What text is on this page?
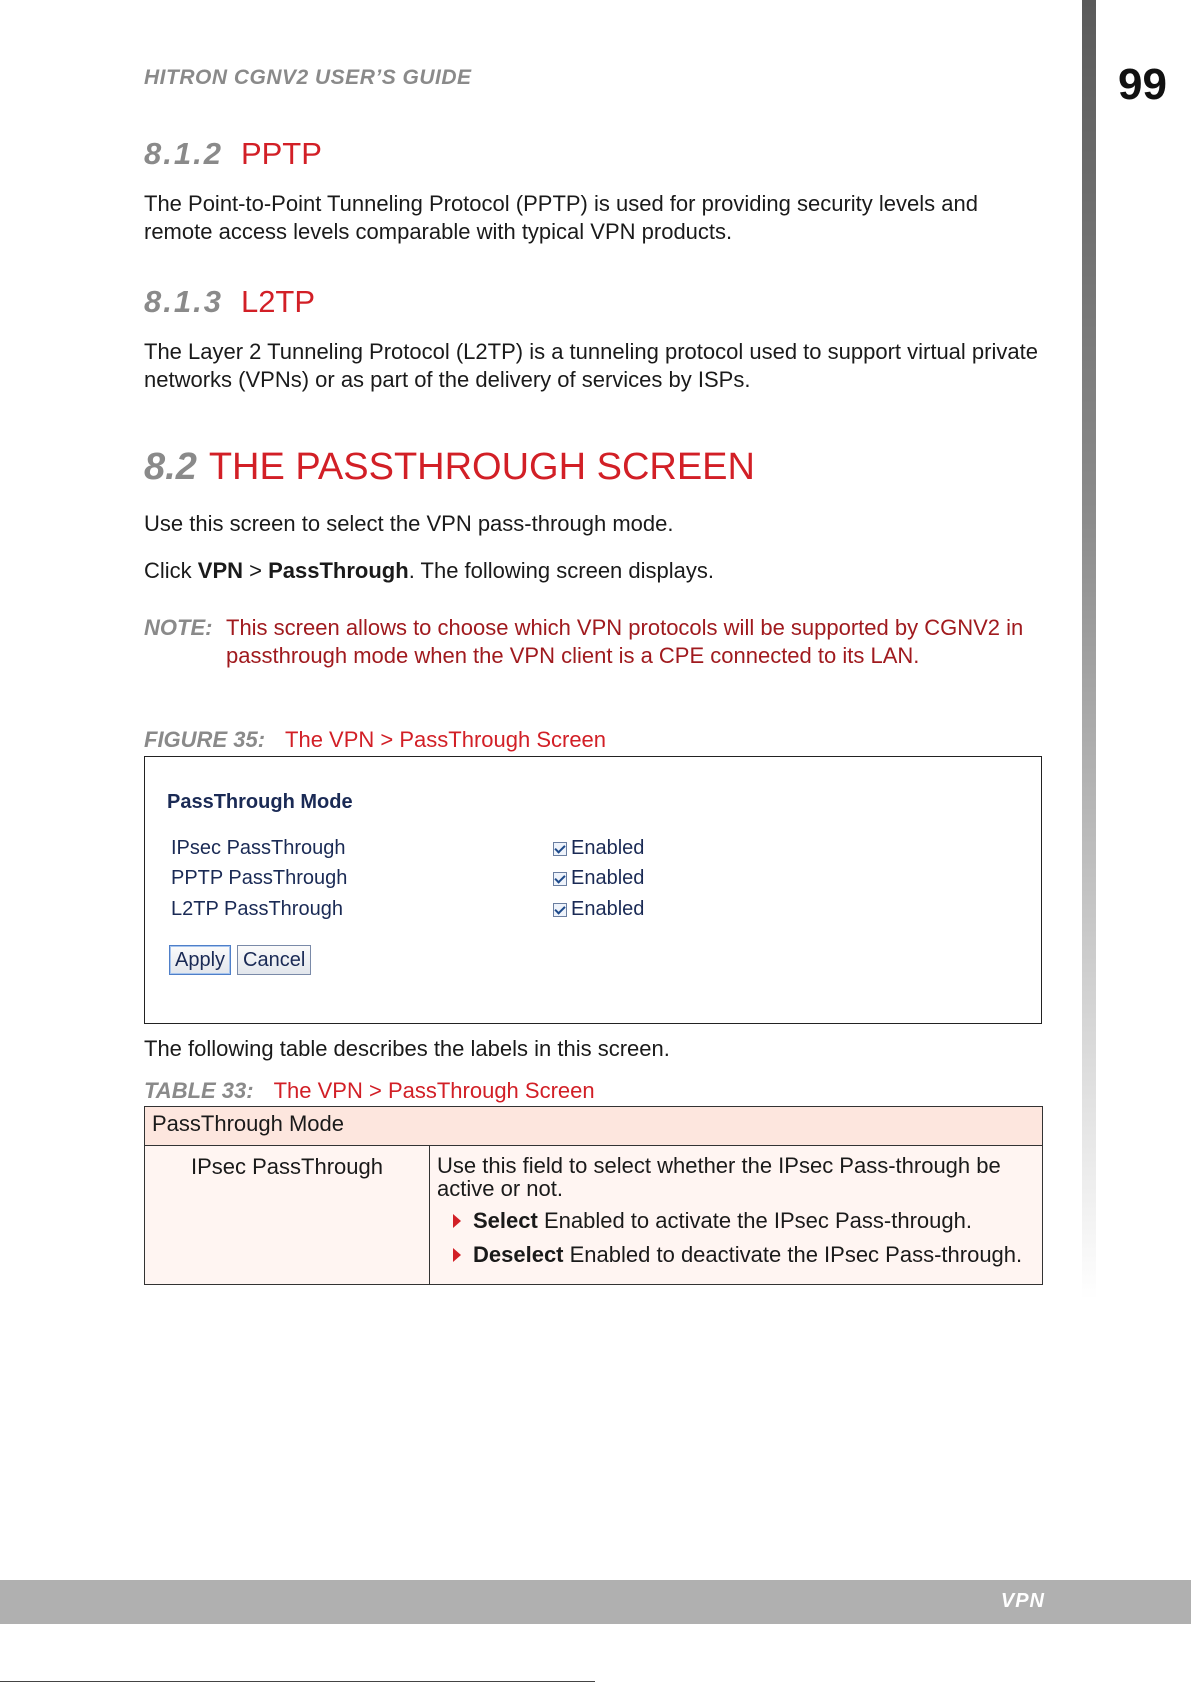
99
HITRON CGNV2 USER’S GUIDE
8.1.2 PPTP
The Point-to-Point Tunneling Protocol (PPTP) is used for providing security levels and remote access levels comparable with typical VPN products.
8.1.3 L2TP
The Layer 2 Tunneling Protocol (L2TP) is a tunneling protocol used to support virtual private networks (VPNs) or as part of the delivery of services by ISPs.
8.2 THE PASSTHROUGH SCREEN
Use this screen to select the VPN pass-through mode.
Click VPN > PassThrough. The following screen displays.
NOTE: This screen allows to choose which VPN protocols will be supported by CGNV2 in passthrough mode when the VPN client is a CPE connected to its LAN.
FIGURE 35: The VPN > PassThrough Screen
PassThrough Mode
IPsec PassThrough	Enabled
PPTP PassThrough	Enabled
L2TP PassThrough	Enabled
Apply Cancel
The following table describes the labels in this screen.
TABLE 33: The VPN > PassThrough Screen
PassThrough Mode
IPsec PassThrough	Use this field to select whether the IPsec Pass-through be active or not.

Select Enabled to activate the IPsec Pass-through.
Deselect Enabled to deactivate the IPsec Pass-through.
VPN
